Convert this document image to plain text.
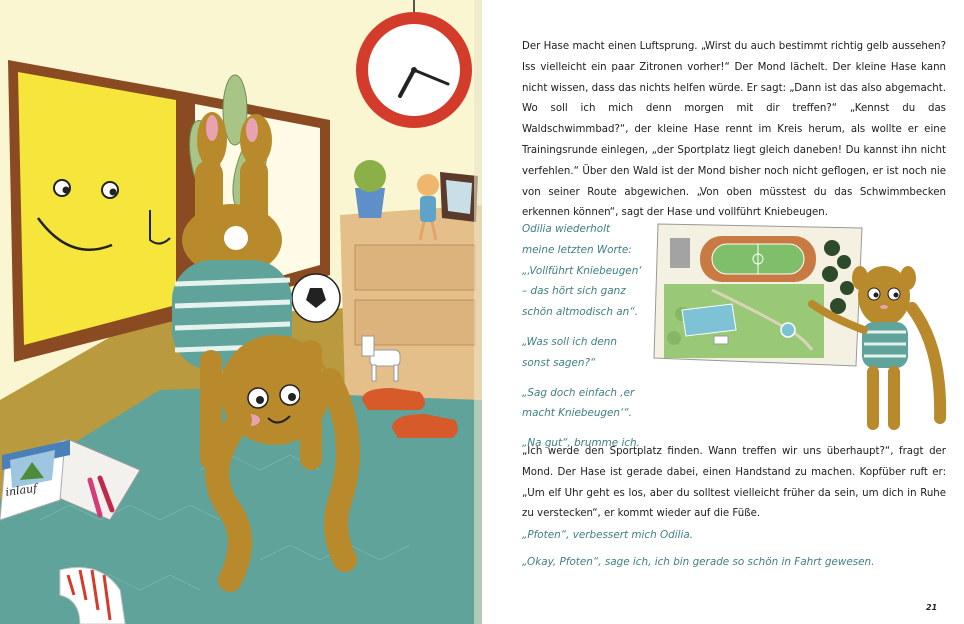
inlauf

Der Hase macht einen Luftsprung. „Wirst du auch bestimmt richtig gelb aussehen? Iss vielleicht ein paar Zitronen vorher!“ Der Mond lächelt. Der kleine Hase kann nicht wissen, dass das nichts helfen würde. Er sagt: „Dann ist das also abgemacht. Wo soll ich mich denn morgen mit dir treffen?“ „Kennst du das Waldschwimmbad?“, der kleine Hase rennt im Kreis herum, als wollte er eine Trainingsrunde einlegen, „der Sportplatz liegt gleich daneben! Du kannst ihn nicht verfehlen.“ Über den Wald ist der Mond bisher noch nicht geflogen, er ist noch nie von seiner Route abgewichen. „Von oben müsstest du das Schwimmbecken erkennen können“, sagt der Hase und vollführt Kniebeugen.

Odilia wiederholt meine letzten Worte: „‚Vollführt Kniebeugen‘ – das hört sich ganz schön altmodisch an“.

„Was soll ich denn sonst sagen?“

„Sag doch einfach ‚er macht Kniebeugen‘“.

„Na gut“, brumme ich.

„Ich werde den Sportplatz finden. Wann treffen wir uns überhaupt?“, fragt der Mond. Der Hase ist gerade dabei, einen Handstand zu machen. Kopfüber ruft er: „Um elf Uhr geht es los, aber du solltest vielleicht früher da sein, um dich in Ruhe zu verstecken“, er kommt wieder auf die Füße.

„Pfoten“, verbessert mich Odilia.

„Okay, Pfoten“, sage ich, ich bin gerade so schön in Fahrt gewesen.

21
